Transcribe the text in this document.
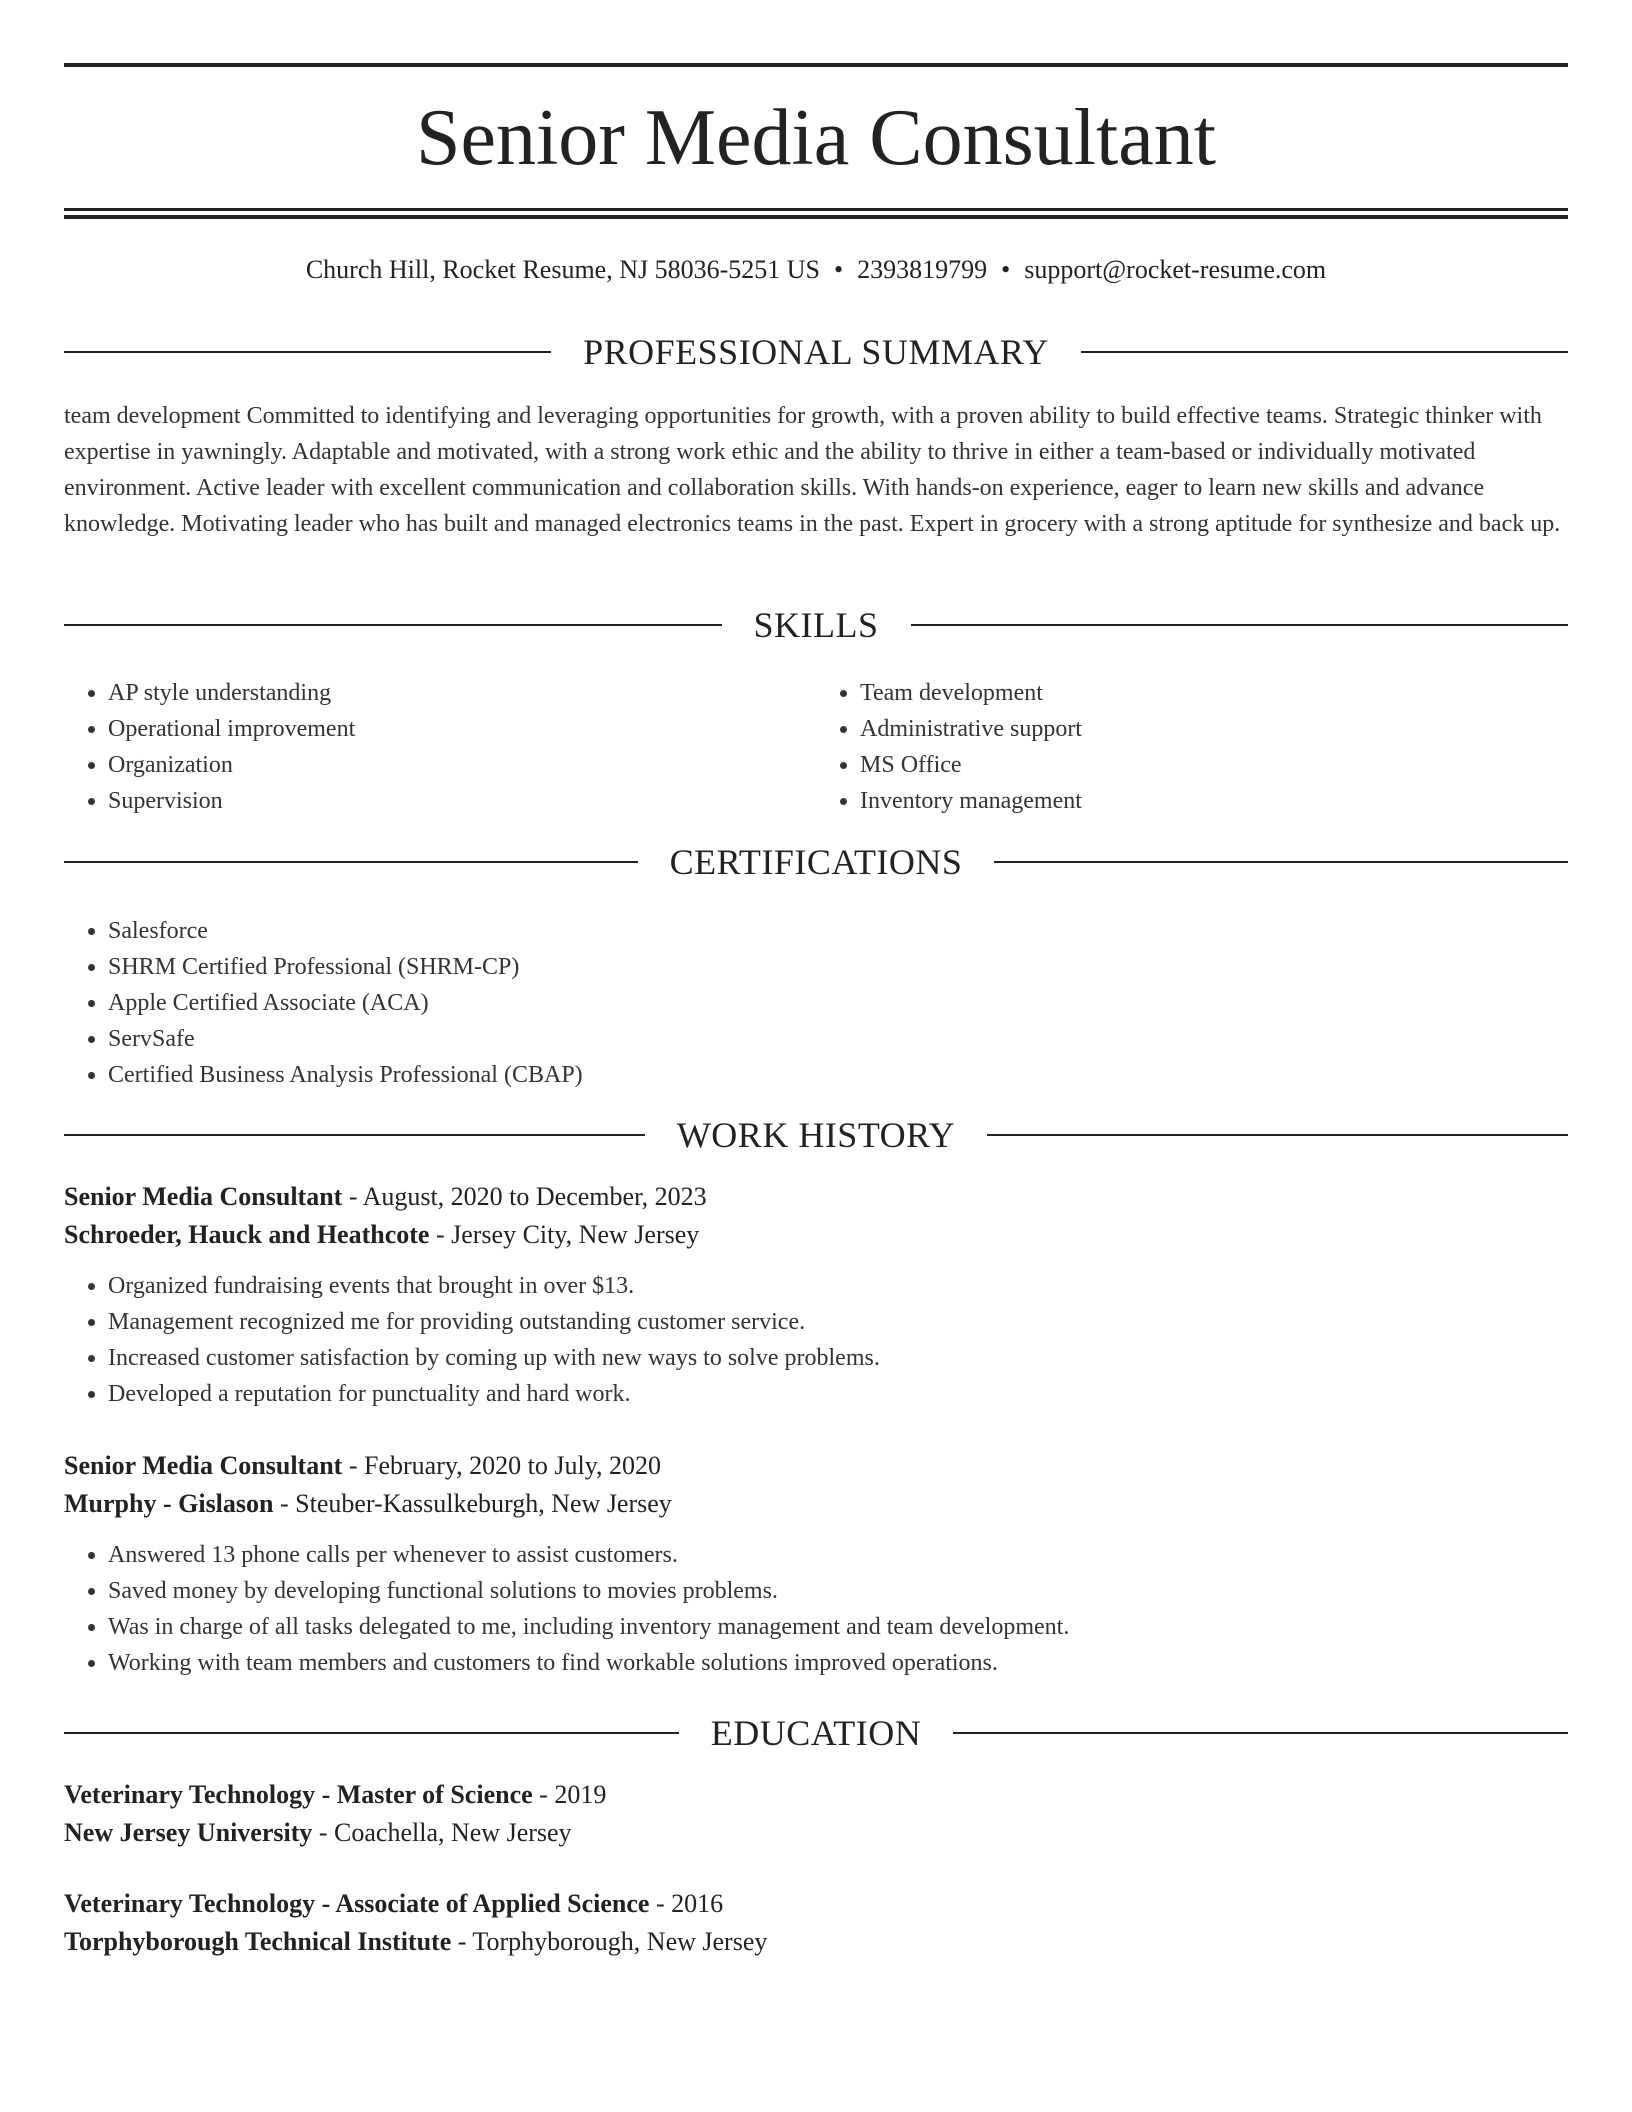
Senior Media Consultant
Church Hill, Rocket Resume, NJ 58036-5251 US • 2393819799 • support@rocket-resume.com
PROFESSIONAL SUMMARY

team development Committed to identifying and leveraging opportunities for growth, with a proven ability to build effective teams. Strategic thinker with expertise in yawningly. Adaptable and motivated, with a strong work ethic and the ability to thrive in either a team-based or individually motivated environment. Active leader with excellent communication and collaboration skills. With hands-on experience, eager to learn new skills and advance knowledge. Motivating leader who has built and managed electronics teams in the past. Expert in grocery with a strong aptitude for synthesize and back up.

SKILLS
• AP style understanding
• Operational improvement
• Organization
• Supervision
• Team development
• Administrative support
• MS Office
• Inventory management
CERTIFICATIONS
• Salesforce
• SHRM Certified Professional (SHRM-CP)
• Apple Certified Associate (ACA)
• ServSafe
• Certified Business Analysis Professional (CBAP)
WORK HISTORY
Senior Media Consultant - August, 2020 to December, 2023
Schroeder, Hauck and Heathcote - Jersey City, New Jersey
• Organized fundraising events that brought in over $13.
• Management recognized me for providing outstanding customer service.
• Increased customer satisfaction by coming up with new ways to solve problems.
• Developed a reputation for punctuality and hard work.
Senior Media Consultant - February, 2020 to July, 2020
Murphy - Gislason - Steuber-Kassulkeburgh, New Jersey
• Answered 13 phone calls per whenever to assist customers.
• Saved money by developing functional solutions to movies problems.
• Was in charge of all tasks delegated to me, including inventory management and team development.
• Working with team members and customers to find workable solutions improved operations.
EDUCATION
Veterinary Technology - Master of Science - 2019
New Jersey University - Coachella, New Jersey
Veterinary Technology - Associate of Applied Science - 2016
Torphyborough Technical Institute - Torphyborough, New Jersey
